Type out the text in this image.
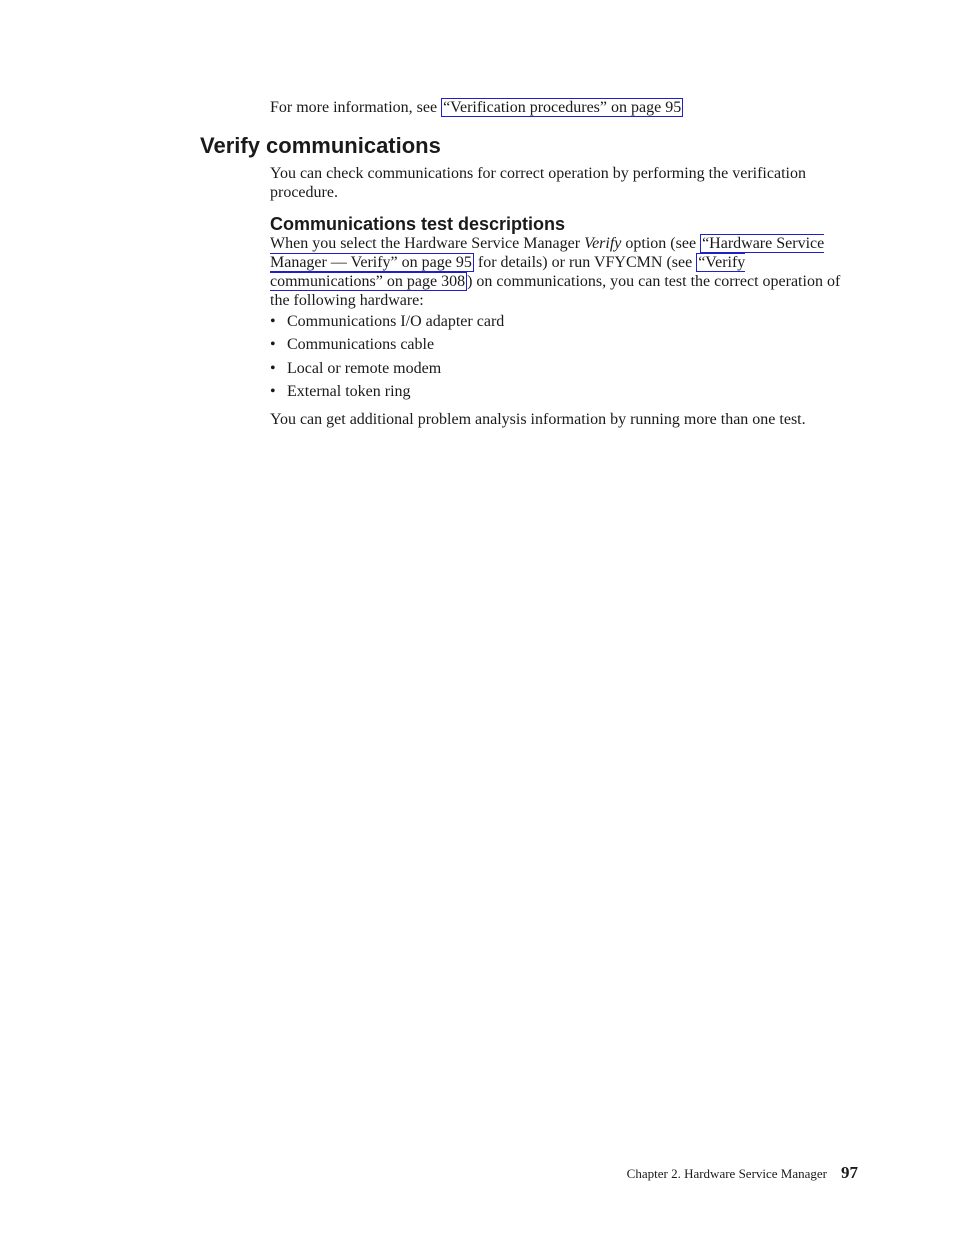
For more information, see “Verification procedures” on page 95
Verify communications
You can check communications for correct operation by performing the verification procedure.
Communications test descriptions
When you select the Hardware Service Manager Verify option (see “Hardware Service Manager — Verify” on page 95 for details) or run VFYCMN (see “Verify communications” on page 308 ) on communications, you can test the correct operation of the following hardware:
• Communications I/O adapter card
• Communications cable
• Local or remote modem
• External token ring
You can get additional problem analysis information by running more than one test.
Chapter 2. Hardware Service Manager 97
